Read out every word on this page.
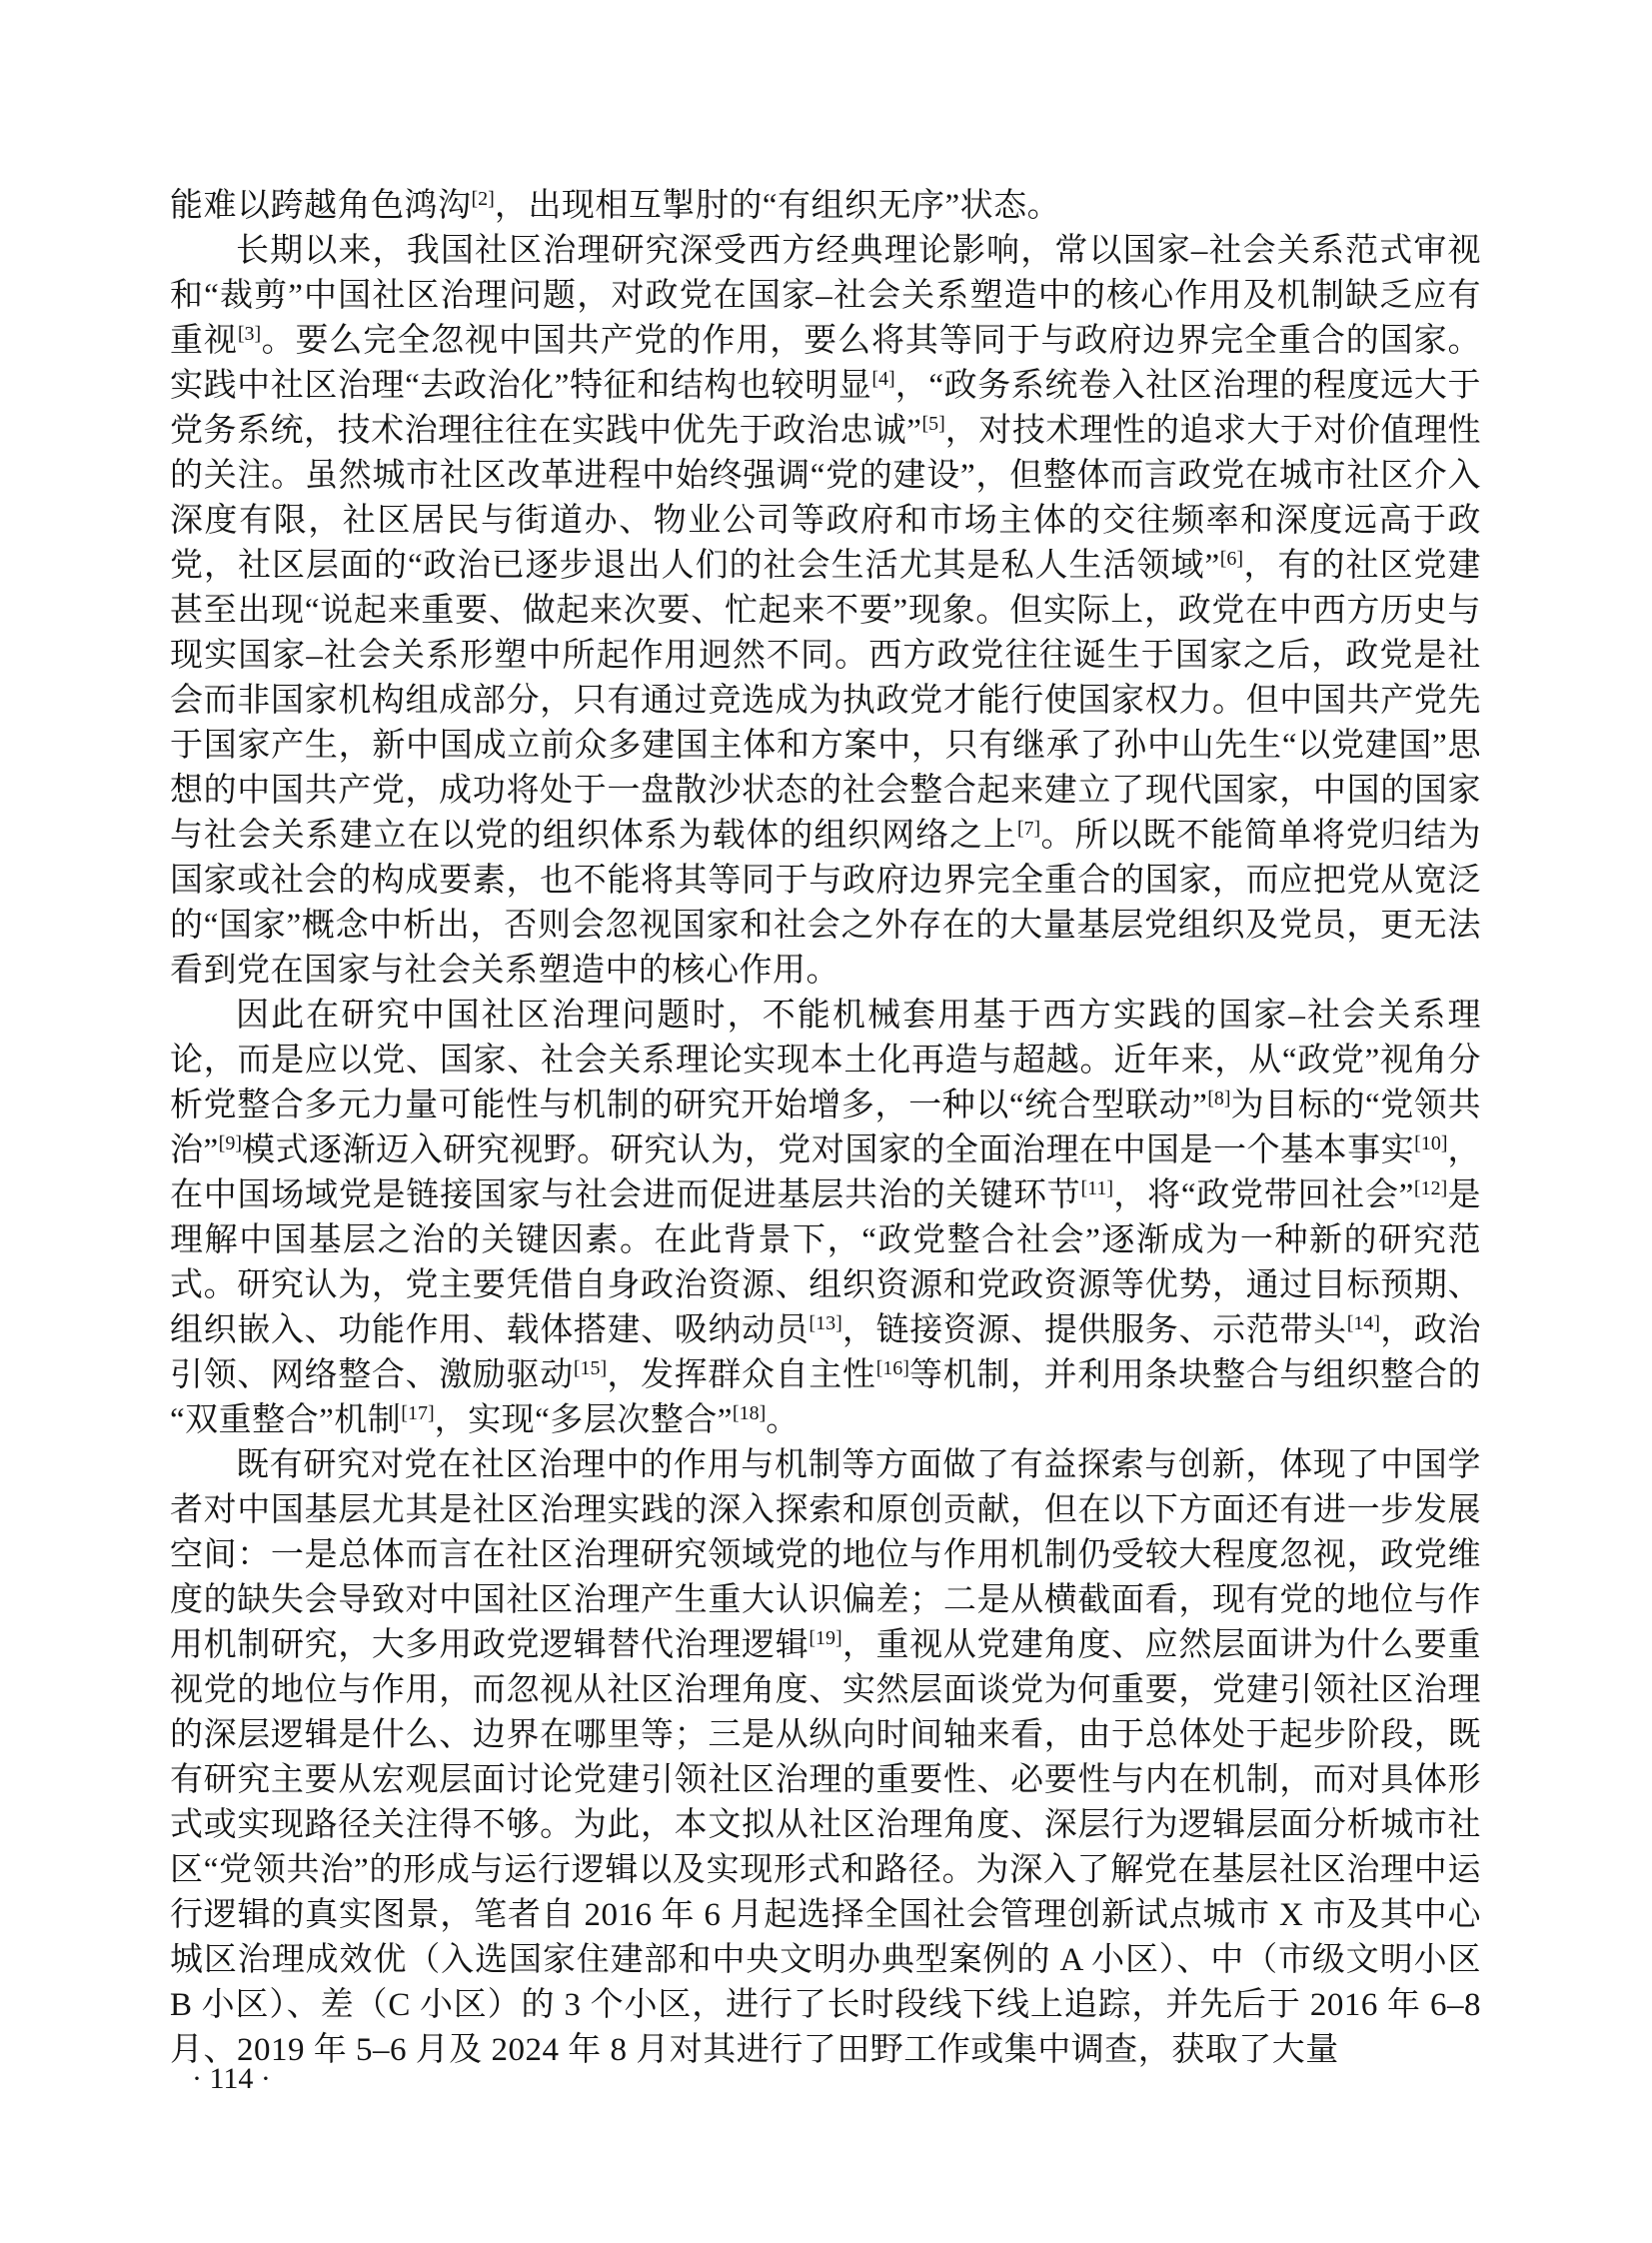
能难以跨越角色鸿沟[2]，出现相互掣肘的“有组织无序”状态。

长期以来，我国社区治理研究深受西方经典理论影响，常以国家–社会关系范式审视和“裁剪”中国社区治理问题，对政党在国家–社会关系塑造中的核心作用及机制缺乏应有重视[3]。要么完全忽视中国共产党的作用，要么将其等同于与政府边界完全重合的国家。实践中社区治理“去政治化”特征和结构也较明显[4]，“政务系统卷入社区治理的程度远大于党务系统，技术治理往往在实践中优先于政治忠诚”[5]，对技术理性的追求大于对价值理性的关注。虽然城市社区改革进程中始终强调“党的建设”，但整体而言政党在城市社区介入深度有限，社区居民与街道办、物业公司等政府和市场主体的交往频率和深度远高于政党，社区层面的“政治已逐步退出人们的社会生活尤其是私人生活领域”[6]，有的社区党建甚至出现“说起来重要、做起来次要、忙起来不要”现象。但实际上，政党在中西方历史与现实国家–社会关系形塑中所起作用迥然不同。西方政党往往诞生于国家之后，政党是社会而非国家机构组成部分，只有通过竞选成为执政党才能行使国家权力。但中国共产党先于国家产生，新中国成立前众多建国主体和方案中，只有继承了孙中山先生“以党建国”思想的中国共产党，成功将处于一盘散沙状态的社会整合起来建立了现代国家，中国的国家与社会关系建立在以党的组织体系为载体的组织网络之上[7]。所以既不能简单将党归结为国家或社会的构成要素，也不能将其等同于与政府边界完全重合的国家，而应把党从宽泛的“国家”概念中析出，否则会忽视国家和社会之外存在的大量基层党组织及党员，更无法看到党在国家与社会关系塑造中的核心作用。

因此在研究中国社区治理问题时，不能机械套用基于西方实践的国家–社会关系理论，而是应以党、国家、社会关系理论实现本土化再造与超越。近年来，从“政党”视角分析党整合多元力量可能性与机制的研究开始增多，一种以“统合型联动”[8]为目标的“党领共治”[9]模式逐渐迈入研究视野。研究认为，党对国家的全面治理在中国是一个基本事实[10]，在中国场域党是链接国家与社会进而促进基层共治的关键环节[11]，将“政党带回社会”[12]是理解中国基层之治的关键因素。在此背景下，“政党整合社会”逐渐成为一种新的研究范式。研究认为，党主要凭借自身政治资源、组织资源和党政资源等优势，通过目标预期、组织嵌入、功能作用、载体搭建、吸纳动员[13]，链接资源、提供服务、示范带头[14]，政治引领、网络整合、激励驱动[15]，发挥群众自主性[16]等机制，并利用条块整合与组织整合的“双重整合”机制[17]，实现“多层次整合”[18]。

既有研究对党在社区治理中的作用与机制等方面做了有益探索与创新，体现了中国学者对中国基层尤其是社区治理实践的深入探索和原创贡献，但在以下方面还有进一步发展空间：一是总体而言在社区治理研究领域党的地位与作用机制仍受较大程度忽视，政党维度的缺失会导致对中国社区治理产生重大认识偏差；二是从横截面看，现有党的地位与作用机制研究，大多用政党逻辑替代治理逻辑[19]，重视从党建角度、应然层面讲为什么要重视党的地位与作用，而忽视从社区治理角度、实然层面谈党为何重要，党建引领社区治理的深层逻辑是什么、边界在哪里等；三是从纵向时间轴来看，由于总体处于起步阶段，既有研究主要从宏观层面讨论党建引领社区治理的重要性、必要性与内在机制，而对具体形式或实现路径关注得不够。为此，本文拟从社区治理角度、深层行为逻辑层面分析城市社区“党领共治”的形成与运行逻辑以及实现形式和路径。为深入了解党在基层社区治理中运行逻辑的真实图景，笔者自 2016 年 6 月起选择全国社会管理创新试点城市 X 市及其中心城区治理成效优（入选国家住建部和中央文明办典型案例的 A 小区）、中（市级文明小区 B 小区）、差（C 小区）的 3 个小区，进行了长时段线下线上追踪，并先后于 2016 年 6–8 月、2019 年 5–6 月及 2024 年 8 月对其进行了田野工作或集中调查，获取了大量

· 114 ·
